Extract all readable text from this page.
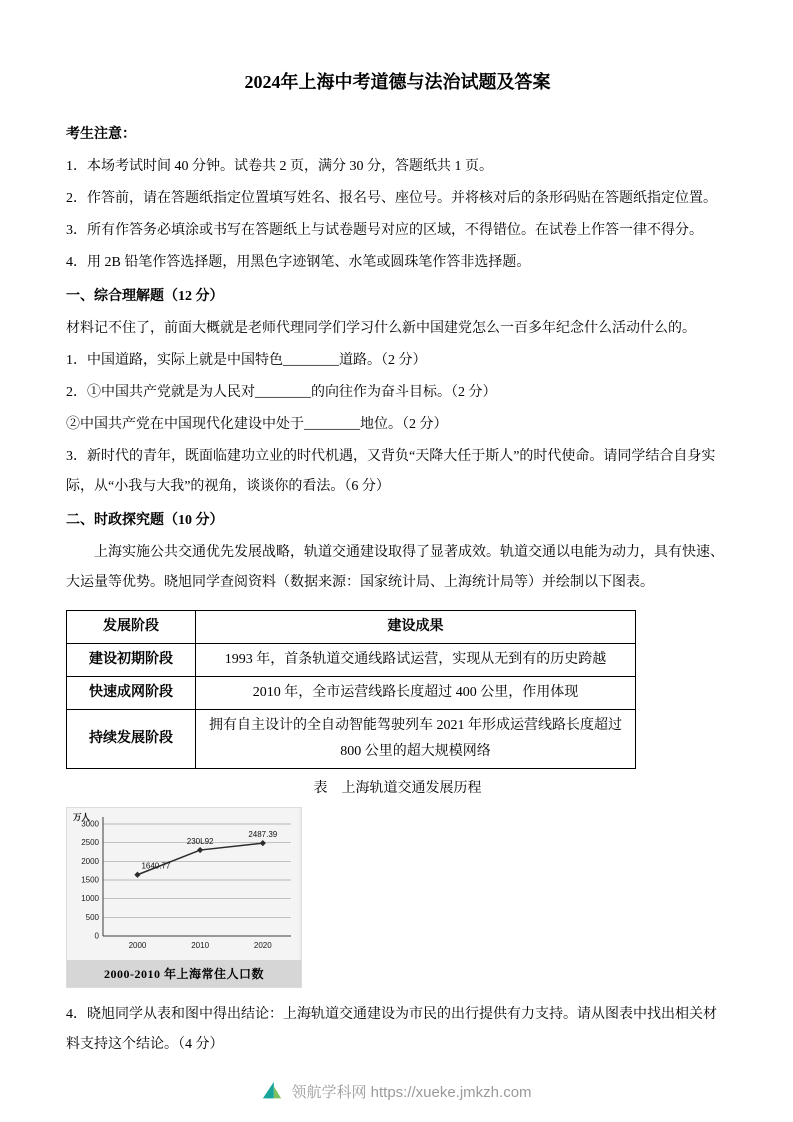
2024年上海中考道德与法治试题及答案

考生注意：

1．本场考试时间 40 分钟。试卷共 2 页，满分 30 分，答题纸共 1 页。

2．作答前，请在答题纸指定位置填写姓名、报名号、座位号。并将核对后的条形码贴在答题纸指定位置。

3．所有作答务必填涂或书写在答题纸上与试卷题号对应的区域，不得错位。在试卷上作答一律不得分。

4．用 2B 铅笔作答选择题，用黑色字迹钢笔、水笔或圆珠笔作答非选择题。

一、综合理解题（12 分）

材料记不住了，前面大概就是老师代理同学们学习什么新中国建党怎么一百多年纪念什么活动什么的。

1．中国道路，实际上就是中国特色________道路。（2 分）

2．①中国共产党就是为人民对________的向往作为奋斗目标。（2 分）

②中国共产党在中国现代化建设中处于________地位。（2 分）

3．新时代的青年，既面临建功立业的时代机遇，又背负“天降大任于斯人”的时代使命。请同学结合自身实际，从“小我与大我”的视角，谈谈你的看法。（6 分）

二、时政探究题（10 分）

上海实施公共交通优先发展战略，轨道交通建设取得了显著成效。轨道交通以电能为动力，具有快速、大运量等优势。晓旭同学查阅资料（数据来源：国家统计局、上海统计局等）并绘制以下图表。

发展阶段	建设成果
建设初期阶段	1993 年，首条轨道交通线路试运营，实现从无到有的历史跨越
快速成网阶段	2010 年，全市运营线路长度超过 400 公里，作用体现
持续发展阶段	拥有自主设计的全自动智能驾驶列车 2021 年形成运营线路长度超过 800 公里的超大规模网络

表　上海轨道交通发展历程

0
500
1000
1500
2000
2500
3000
2000	2010	2020
1640.77
230L92
2487.39
万人
2000-2010 年上海常住人口数

4．晓旭同学从表和图中得出结论：上海轨道交通建设为市民的出行提供有力支持。请从图表中找出相关材料支持这个结论。（4 分）

领航学科网 https://xueke.jmkzh.com
